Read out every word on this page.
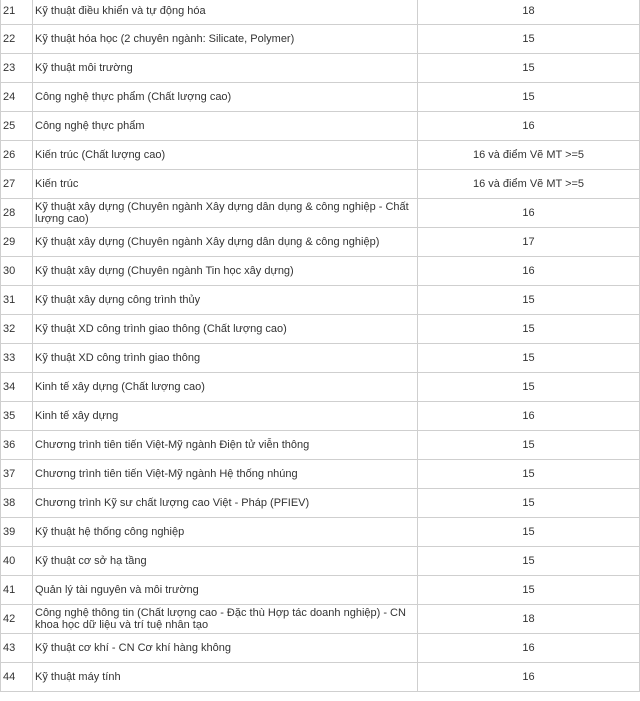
21	Kỹ thuật điều khiển và tự động hóa	18
22	Kỹ thuật hóa học (2 chuyên ngành: Silicate, Polymer)	15
23	Kỹ thuật môi trường	15
24	Công nghệ thực phẩm (Chất lượng cao)	15
25	Công nghệ thực phẩm	16
26	Kiến trúc (Chất lượng cao)	16 và điểm Vẽ MT >=5
27	Kiến trúc	16 và điểm Vẽ MT >=5
28	Kỹ thuật xây dựng (Chuyên ngành Xây dựng dân dụng & công nghiệp - Chất lượng cao)	16
29	Kỹ thuật xây dựng (Chuyên ngành Xây dựng dân dụng & công nghiệp)	17
30	Kỹ thuật xây dựng (Chuyên ngành Tin học xây dựng)	16
31	Kỹ thuật xây dựng công trình thủy	15
32	Kỹ thuật XD công trình giao thông (Chất lượng cao)	15
33	Kỹ thuật XD công trình giao thông	15
34	Kinh tế xây dựng (Chất lượng cao)	15
35	Kinh tế xây dựng	16
36	Chương trình tiên tiến Việt-Mỹ ngành Điện tử viễn thông	15
37	Chương trình tiên tiến Việt-Mỹ ngành Hệ thống nhúng	15
38	Chương trình Kỹ sư chất lượng cao Việt - Pháp (PFIEV)	15
39	Kỹ thuật hệ thống công nghiệp	15
40	Kỹ thuật cơ sở hạ tầng	15
41	Quản lý tài nguyên và môi trường	15
42	Công nghệ thông tin (Chất lượng cao - Đặc thù Hợp tác doanh nghiệp) - CN khoa học dữ liệu và trí tuệ nhân tạo	18
43	Kỹ thuật cơ khí - CN Cơ khí hàng không	16
44	Kỹ thuật máy tính	16
